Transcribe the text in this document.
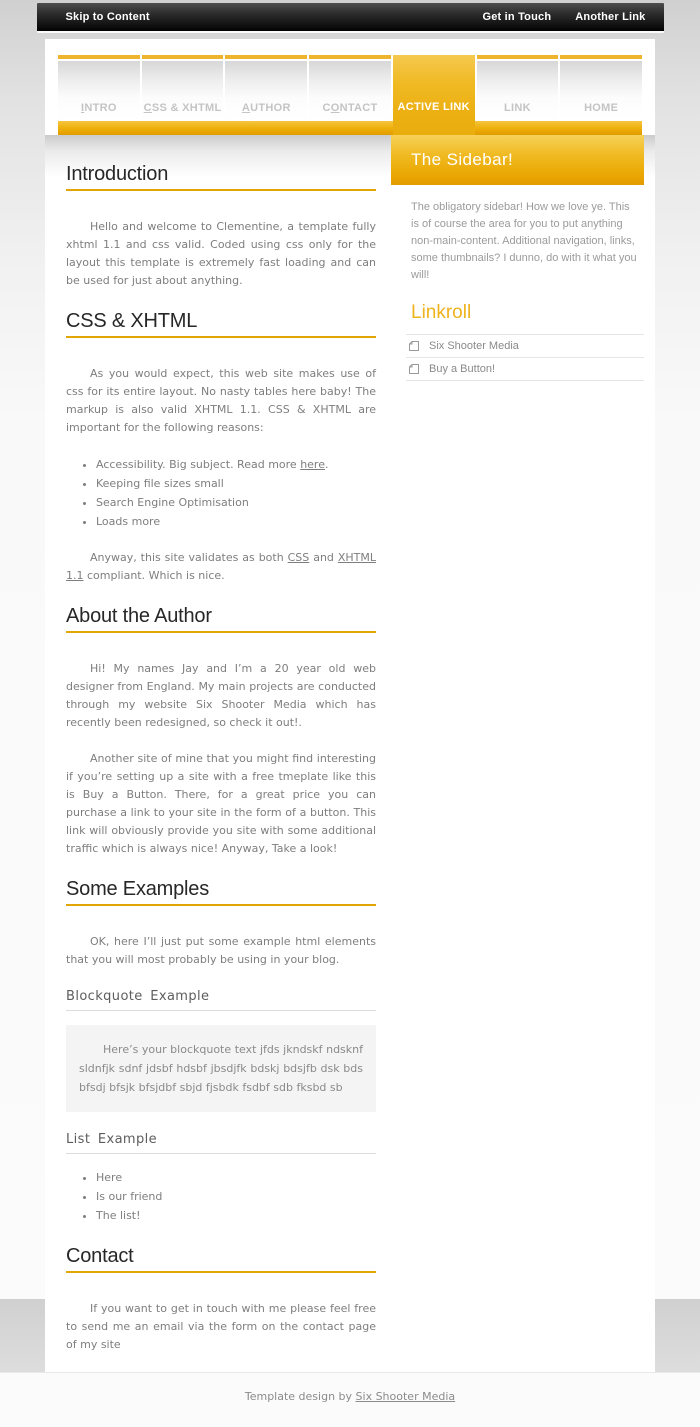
Skip to Content	Get in Touch Another Link
INTRO CSS & XHTML AUTHOR	CONTACT ACTIVE LINK	LINK	HOME
Introduction

Hello and welcome to Clementine, a template fully xhtml 1.1 and css valid. Coded using css only for the layout this template is extremely fast loading and can be used for just about anything.

CSS & XHTML

As you would expect, this web site makes use of css for its entire layout. No nasty tables here baby! The markup is also valid XHTML 1.1. CSS & XHTML are important for the following reasons:

• Accessibility. Big subject. Read more here.
• Keeping file sizes small
• Search Engine Optimisation
• Loads more

Anyway, this site validates as both CSS and XHTML 1.1 compliant. Which is nice.

About the Author

Hi! My names Jay and I’m a 20 year old web designer from England. My main projects are conducted through my website Six Shooter Media which has recently been redesigned, so check it out!.

Another site of mine that you might find interesting if you’re setting up a site with a free tmeplate like this is Buy a Button. There, for a great price you can purchase a link to your site in the form of a button. This link will obviously provide you site with some additional traffic which is always nice! Anyway, Take a look!

Some Examples

OK, here I’ll just put some example html elements that you will most probably be using in your blog.

Blockquote Example
Here’s your blockquote text jfds jkndskf ndsknf sldnfjk sdnf jdsbf hdsbf jbsdjfk bdskj bdsjfb dsk bds bfsdj bfsjk bfsjdbf sbjd fjsbdk fsdbf sdb fksbd sb
List Example
• Here
• Is our friend
• The list!
Contact

If you want to get in touch with me please feel free to send me an email via the form on the contact page of my site

The Sidebar!

The obligatory sidebar! How we love ye. This is of course the area for you to put anything non-main-content. Additional navigation, links, some thumbnails? I dunno, do with it what you will!

Linkroll
Six Shooter Media
Buy a Button!
Template design by Six Shooter Media
